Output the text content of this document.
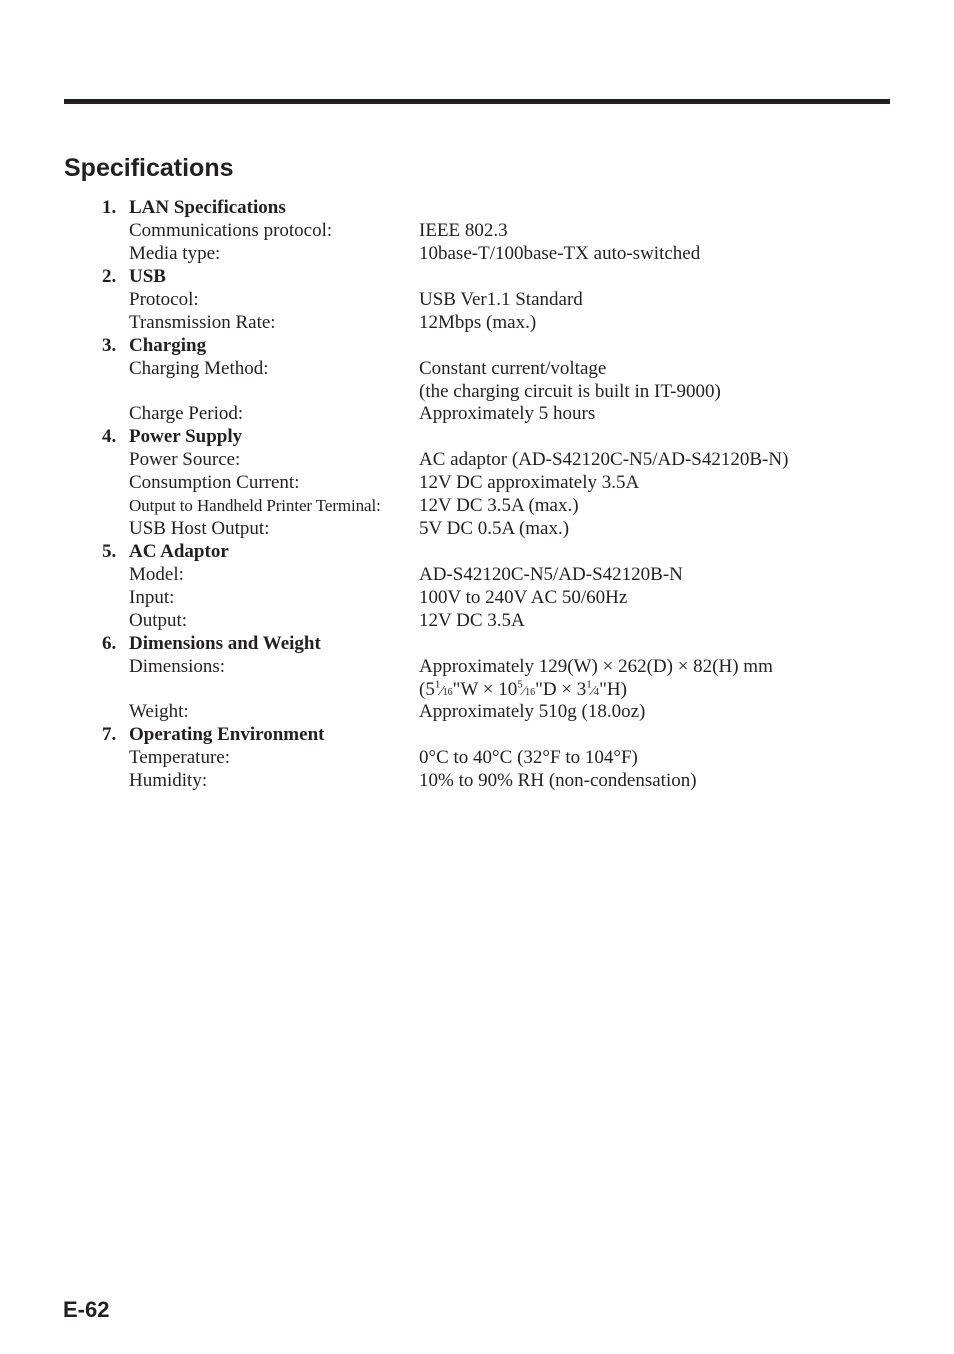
Specifications
1. LAN Specifications
Communications protocol:	IEEE 802.3
Media type:	10base-T/100base-TX auto-switched
2. USB
Protocol:	USB Ver1.1 Standard
Transmission Rate:	12Mbps (max.)
3. Charging
Charging Method:	Constant current/voltage
(the charging circuit is built in IT-9000)
Charge Period:	Approximately 5 hours
4. Power Supply
Power Source:	AC adaptor (AD-S42120C-N5/AD-S42120B-N)
Consumption Current:	12V DC approximately 3.5A
Output to Handheld Printer Terminal: 12V DC 3.5A (max.)
USB Host Output:	5V DC 0.5A (max.)
5. AC Adaptor
Model:	AD-S42120C-N5/AD-S42120B-N
Input:	100V to 240V AC 50/60Hz
Output:	12V DC 3.5A
6. Dimensions and Weight
Dimensions:	Approximately 129(W) × 262(D) × 82(H) mm
($5^1⁄16"W$ × $10^5⁄16"D$ × $3^1⁄4"H$)
Weight:	Approximately 510g (18.0oz)
7. Operating Environment
Temperature:	0°C to 40°C (32°F to 104°F)
Humidity:	10% to 90% RH (non-condensation)
E-62
